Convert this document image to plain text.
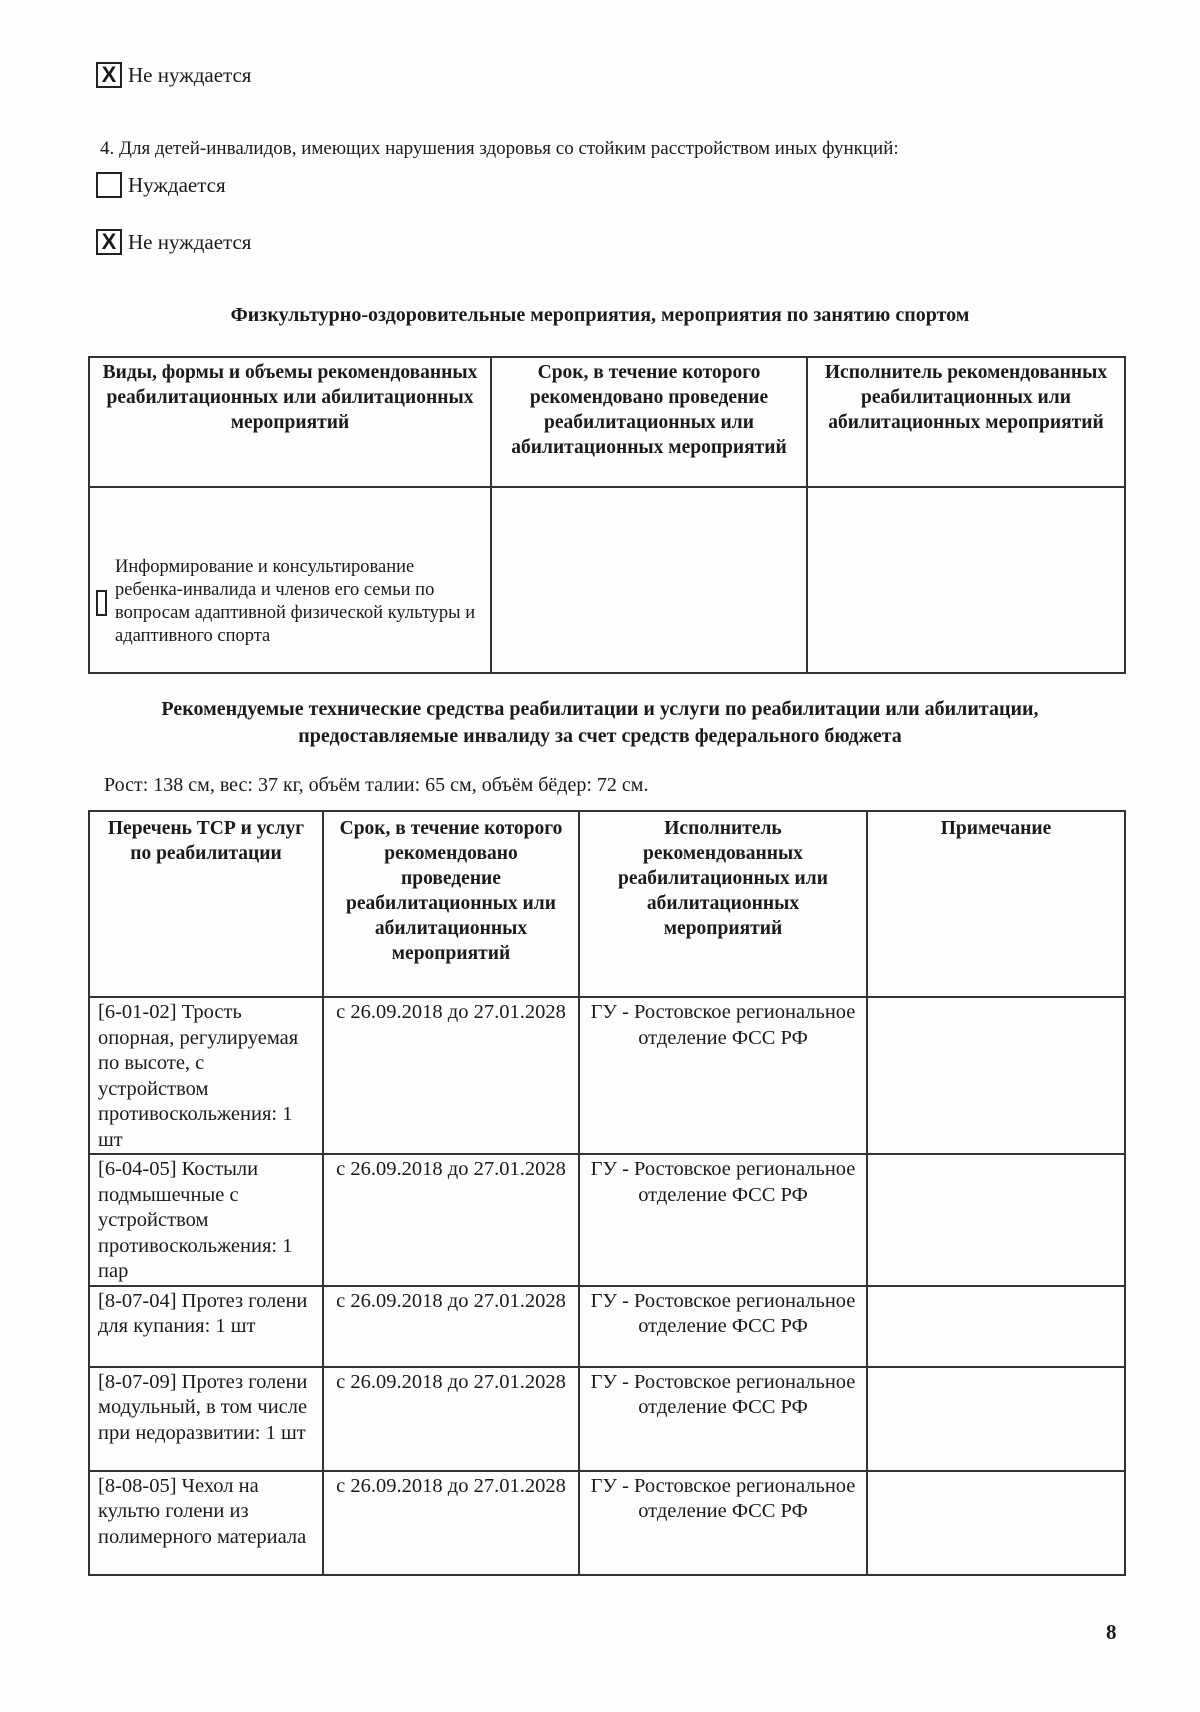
X Не нуждается
4. Для детей-инвалидов, имеющих нарушения здоровья со стойким расстройством иных функций:
Нуждается
X Не нуждается
Физкультурно-оздоровительные мероприятия, мероприятия по занятию спортом
Виды, формы и объемы рекомендованных реабилитационных или абилитационных мероприятий	Срок, в течение которого рекомендовано проведение реабилитационных или абилитационных мероприятий	Исполнитель рекомендованных реабилитационных или абилитационных мероприятий

Информирование и консультирование ребенка-инвалида и членов его семьи по вопросам адаптивной физической культуры и адаптивного спорта		

Рекомендуемые технические средства реабилитации и услуги по реабилитации или абилитации, предоставляемые инвалиду за счет средств федерального бюджета
Рост: 138 см, вес: 37 кг, объём талии: 65 см, объём бёдер: 72 см.
Перечень ТСР и услуг по реабилитации	Срок, в течение которого рекомендовано проведение реабилитационных или абилитационных мероприятий	Исполнитель рекомендованных реабилитационных или абилитационных мероприятий	Примечание
[6-01-02] Трость опорная, регулируемая по высоте, с устройством противоскольжения: 1 шт	с 26.09.2018 до 27.01.2028	ГУ - Ростовское региональное отделение ФСС РФ	
[6-04-05] Костыли подмышечные с устройством противоскольжения: 1 пар	с 26.09.2018 до 27.01.2028	ГУ - Ростовское региональное отделение ФСС РФ	
[8-07-04] Протез голени для купания: 1 шт	с 26.09.2018 до 27.01.2028	ГУ - Ростовское региональное отделение ФСС РФ	
[8-07-09] Протез голени модульный, в том числе при недоразвитии: 1 шт	с 26.09.2018 до 27.01.2028	ГУ - Ростовское региональное отделение ФСС РФ	
[8-08-05] Чехол на культю голени из полимерного материала	с 26.09.2018 до 27.01.2028	ГУ - Ростовское региональное отделение ФСС РФ	
8
